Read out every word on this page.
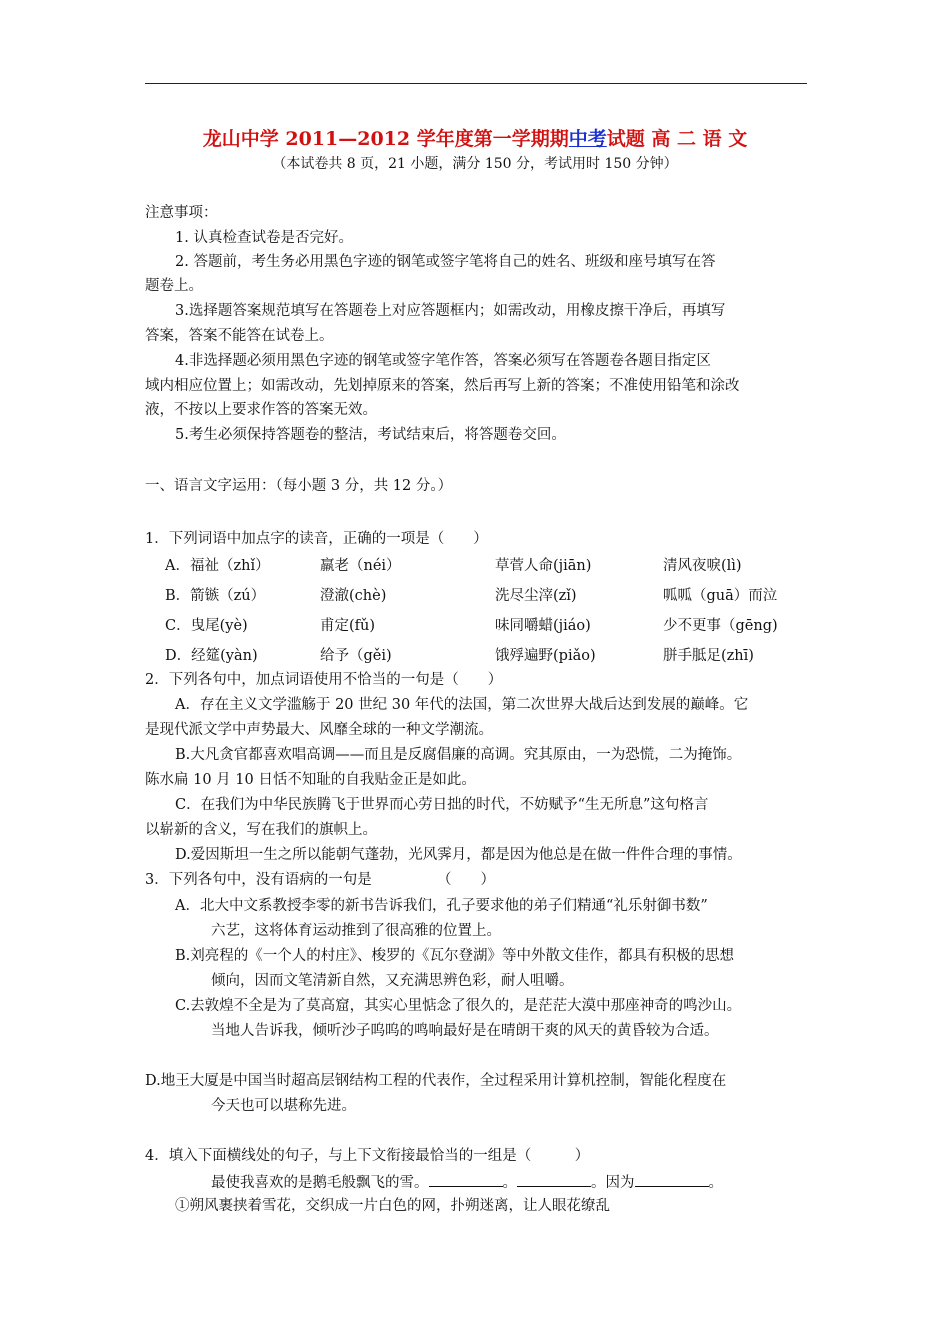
龙山中学 2011—2012 学年度第一学期期中考试题 高 二 语 文
（本试卷共 8 页，21 小题，满分 150 分，考试用时 150 分钟）
注意事项：
1. 认真检查试卷是否完好。
2. 答题前，考生务必用黑色字迹的钢笔或签字笔将自己的姓名、班级和座号填写在答
题卷上。
3.选择题答案规范填写在答题卷上对应答题框内；如需改动，用橡皮擦干净后，再填写
答案，答案不能答在试卷上。
4.非选择题必须用黑色字迹的钢笔或签字笔作答，答案必须写在答题卷各题目指定区
域内相应位置上；如需改动，先划掉原来的答案，然后再写上新的答案；不准使用铅笔和涂改
液，不按以上要求作答的答案无效。
5.考生必须保持答题卷的整洁，考试结束后，将答题卷交回。
一、语言文字运用：（每小题 3 分，共 12 分。）
1．下列词语中加点字的读音，正确的一项是（　　）
A．福祉（zhǐ）	羸老（néi）	草菅人命(jiān)	清风夜唳(lì)
B．箭镞（zú）	澄澈(chè)	洗尽尘滓(zǐ)	呱呱（guā）而泣
C．曳尾(yè)	甫定(fǔ)	味同嚼蜡(jiáo)	少不更事（gēng)
D．经筵(yàn)	给予（gěi)	饿殍遍野(piǎo)	胼手胝足(zhī)
2．下列各句中，加点词语使用不恰当的一句是（　　）
A．存在主义文学滥觞于 20 世纪 30 年代的法国，第二次世界大战后达到发展的巅峰。它
是现代派文学中声势最大、风靡全球的一种文学潮流。
B.大凡贪官都喜欢唱高调——而且是反腐倡廉的高调。究其原由，一为恐慌，二为掩饰。
陈水扁 10 月 10 日恬不知耻的自我贴金正是如此。
C．在我们为中华民族腾飞于世界而心劳日拙的时代，不妨赋予“生无所息”这句格言
以崭新的含义，写在我们的旗帜上。
D.爱因斯坦一生之所以能朝气蓬勃，光风霁月，都是因为他总是在做一件件合理的事情。
3．下列各句中，没有语病的一句是　　　　　（　　）
A．北大中文系教授李零的新书告诉我们，孔子要求他的弟子们精通“礼乐射御书数”
六艺，这将体育运动推到了很高雅的位置上。
B.刘亮程的《一个人的村庄》、梭罗的《瓦尔登湖》等中外散文佳作，都具有积极的思想
倾向，因而文笔清新自然，又充满思辨色彩，耐人咀嚼。
C.去敦煌不全是为了莫高窟，其实心里惦念了很久的，是茫茫大漠中那座神奇的鸣沙山。
当地人告诉我，倾听沙子呜呜的鸣响最好是在晴朗干爽的风天的黄昏较为合适。
D.地王大厦是中国当时超高层钢结构工程的代表作，全过程采用计算机控制，智能化程度在
今天也可以堪称先进。
4．填入下面横线处的句子，与上下文衔接最恰当的一组是（　　　）
最使我喜欢的是鹅毛般飘飞的雪。	。	。因为	。
①朔风裹挟着雪花，交织成一片白色的网，扑朔迷离，让人眼花缭乱
